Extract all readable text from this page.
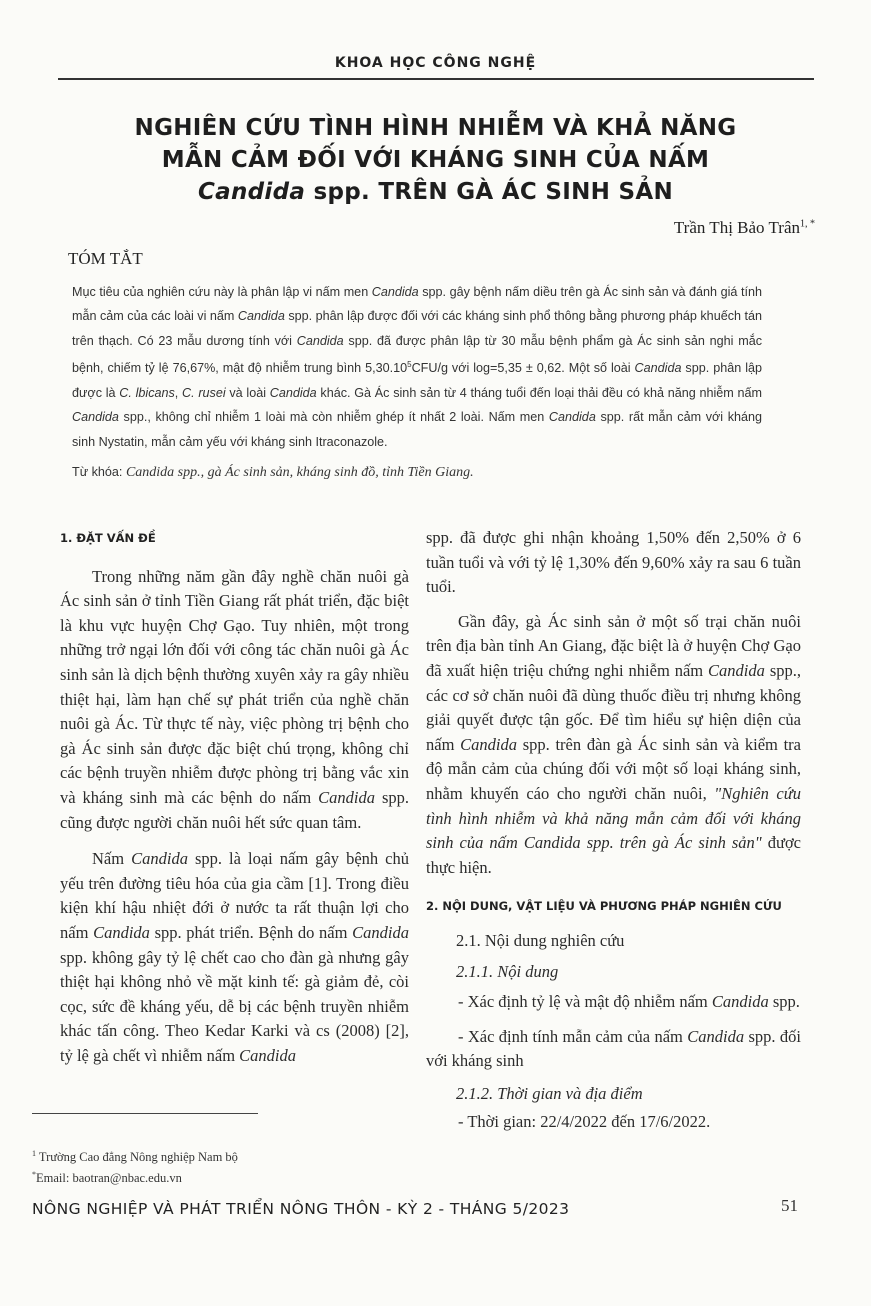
KHOA HỌC CÔNG NGHỆ
NGHIÊN CỨU TÌNH HÌNH NHIỄM VÀ KHẢ NĂNG
MẪN CẢM ĐỐI VỚI KHÁNG SINH CỦA NẤM
Candida spp. TRÊN GÀ ÁC SINH SẢN
Trần Thị Bảo Trân$^{1, *}$
TÓM TẮT

Mục tiêu của nghiên cứu này là phân lập vi nấm men Candida spp. gây bệnh nấm diều trên gà Ác sinh sản và đánh giá tính mẫn cảm của các loài vi nấm Candida spp. phân lập được đối với các kháng sinh phổ thông bằng phương pháp khuếch tán trên thạch. Có 23 mẫu dương tính với Candida spp. đã được phân lập từ 30 mẫu bệnh phẩm gà Ác sinh sản nghi mắc bệnh, chiếm tỷ lệ 76,67%, mật độ nhiễm trung bình 5,30.10$^5$CFU/g với log=5,35 ± 0,62. Một số loài Candida spp. phân lập được là C. lbicans, C. rusei và loài Candida khác. Gà Ác sinh sản từ 4 tháng tuổi đến loại thải đều có khả năng nhiễm nấm Candida spp., không chỉ nhiễm 1 loài mà còn nhiễm ghép ít nhất 2 loài. Nấm men Candida spp. rất mẫn cảm với kháng sinh Nystatin, mẫn cảm yếu với kháng sinh Itraconazole.

Từ khóa: Candida spp., gà Ác sinh sản, kháng sinh đồ, tỉnh Tiền Giang.

1. ĐẶT VẤN ĐỀ

Trong những năm gần đây nghề chăn nuôi gà Ác sinh sản ở tỉnh Tiền Giang rất phát triển, đặc biệt là khu vực huyện Chợ Gạo. Tuy nhiên, một trong những trở ngại lớn đối với công tác chăn nuôi gà Ác sinh sản là dịch bệnh thường xuyên xảy ra gây nhiều thiệt hại, làm hạn chế sự phát triển của nghề chăn nuôi gà Ác. Từ thực tế này, việc phòng trị bệnh cho gà Ác sinh sản được đặc biệt chú trọng, không chỉ các bệnh truyền nhiễm được phòng trị bằng vắc xin và kháng sinh mà các bệnh do nấm Candida spp. cũng được người chăn nuôi hết sức quan tâm.

Nấm Candida spp. là loại nấm gây bệnh chủ yếu trên đường tiêu hóa của gia cầm [1]. Trong điều kiện khí hậu nhiệt đới ở nước ta rất thuận lợi cho nấm Candida spp. phát triển. Bệnh do nấm Candida spp. không gây tỷ lệ chết cao cho đàn gà nhưng gây thiệt hại không nhỏ về mặt kinh tế: gà giảm đẻ, còi cọc, sức đề kháng yếu, dễ bị các bệnh truyền nhiễm khác tấn công. Theo Kedar Karki và cs (2008) [2], tỷ lệ gà chết vì nhiễm nấm Candida

spp. đã được ghi nhận khoảng 1,50% đến 2,50% ở 6 tuần tuổi và với tỷ lệ 1,30% đến 9,60% xảy ra sau 6 tuần tuổi.

Gần đây, gà Ác sinh sản ở một số trại chăn nuôi trên địa bàn tỉnh An Giang, đặc biệt là ở huyện Chợ Gạo đã xuất hiện triệu chứng nghi nhiễm nấm Candida spp., các cơ sở chăn nuôi đã dùng thuốc điều trị nhưng không giải quyết được tận gốc. Để tìm hiểu sự hiện diện của nấm Candida spp. trên đàn gà Ác sinh sản và kiểm tra độ mẫn cảm của chúng đối với một số loại kháng sinh, nhằm khuyến cáo cho người chăn nuôi, "Nghiên cứu tình hình nhiễm và khả năng mẫn cảm đối với kháng sinh của nấm Candida spp. trên gà Ác sinh sản" được thực hiện.

2. NỘI DUNG, VẬT LIỆU VÀ PHƯƠNG PHÁP NGHIÊN CỨU

2.1. Nội dung nghiên cứu

2.1.1. Nội dung

- Xác định tỷ lệ và mật độ nhiễm nấm Candida spp.

- Xác định tính mẫn cảm của nấm Candida spp. đối với kháng sinh

2.1.2. Thời gian và địa điểm

- Thời gian: 22/4/2022 đến 17/6/2022.

$^1$ Trường Cao đẳng Nông nghiệp Nam bộ
*Email: baotran@nbac.edu.vn
NÔNG NGHIỆP VÀ PHÁT TRIỂN NÔNG THÔN - KỲ 2 - THÁNG 5/2023	51
